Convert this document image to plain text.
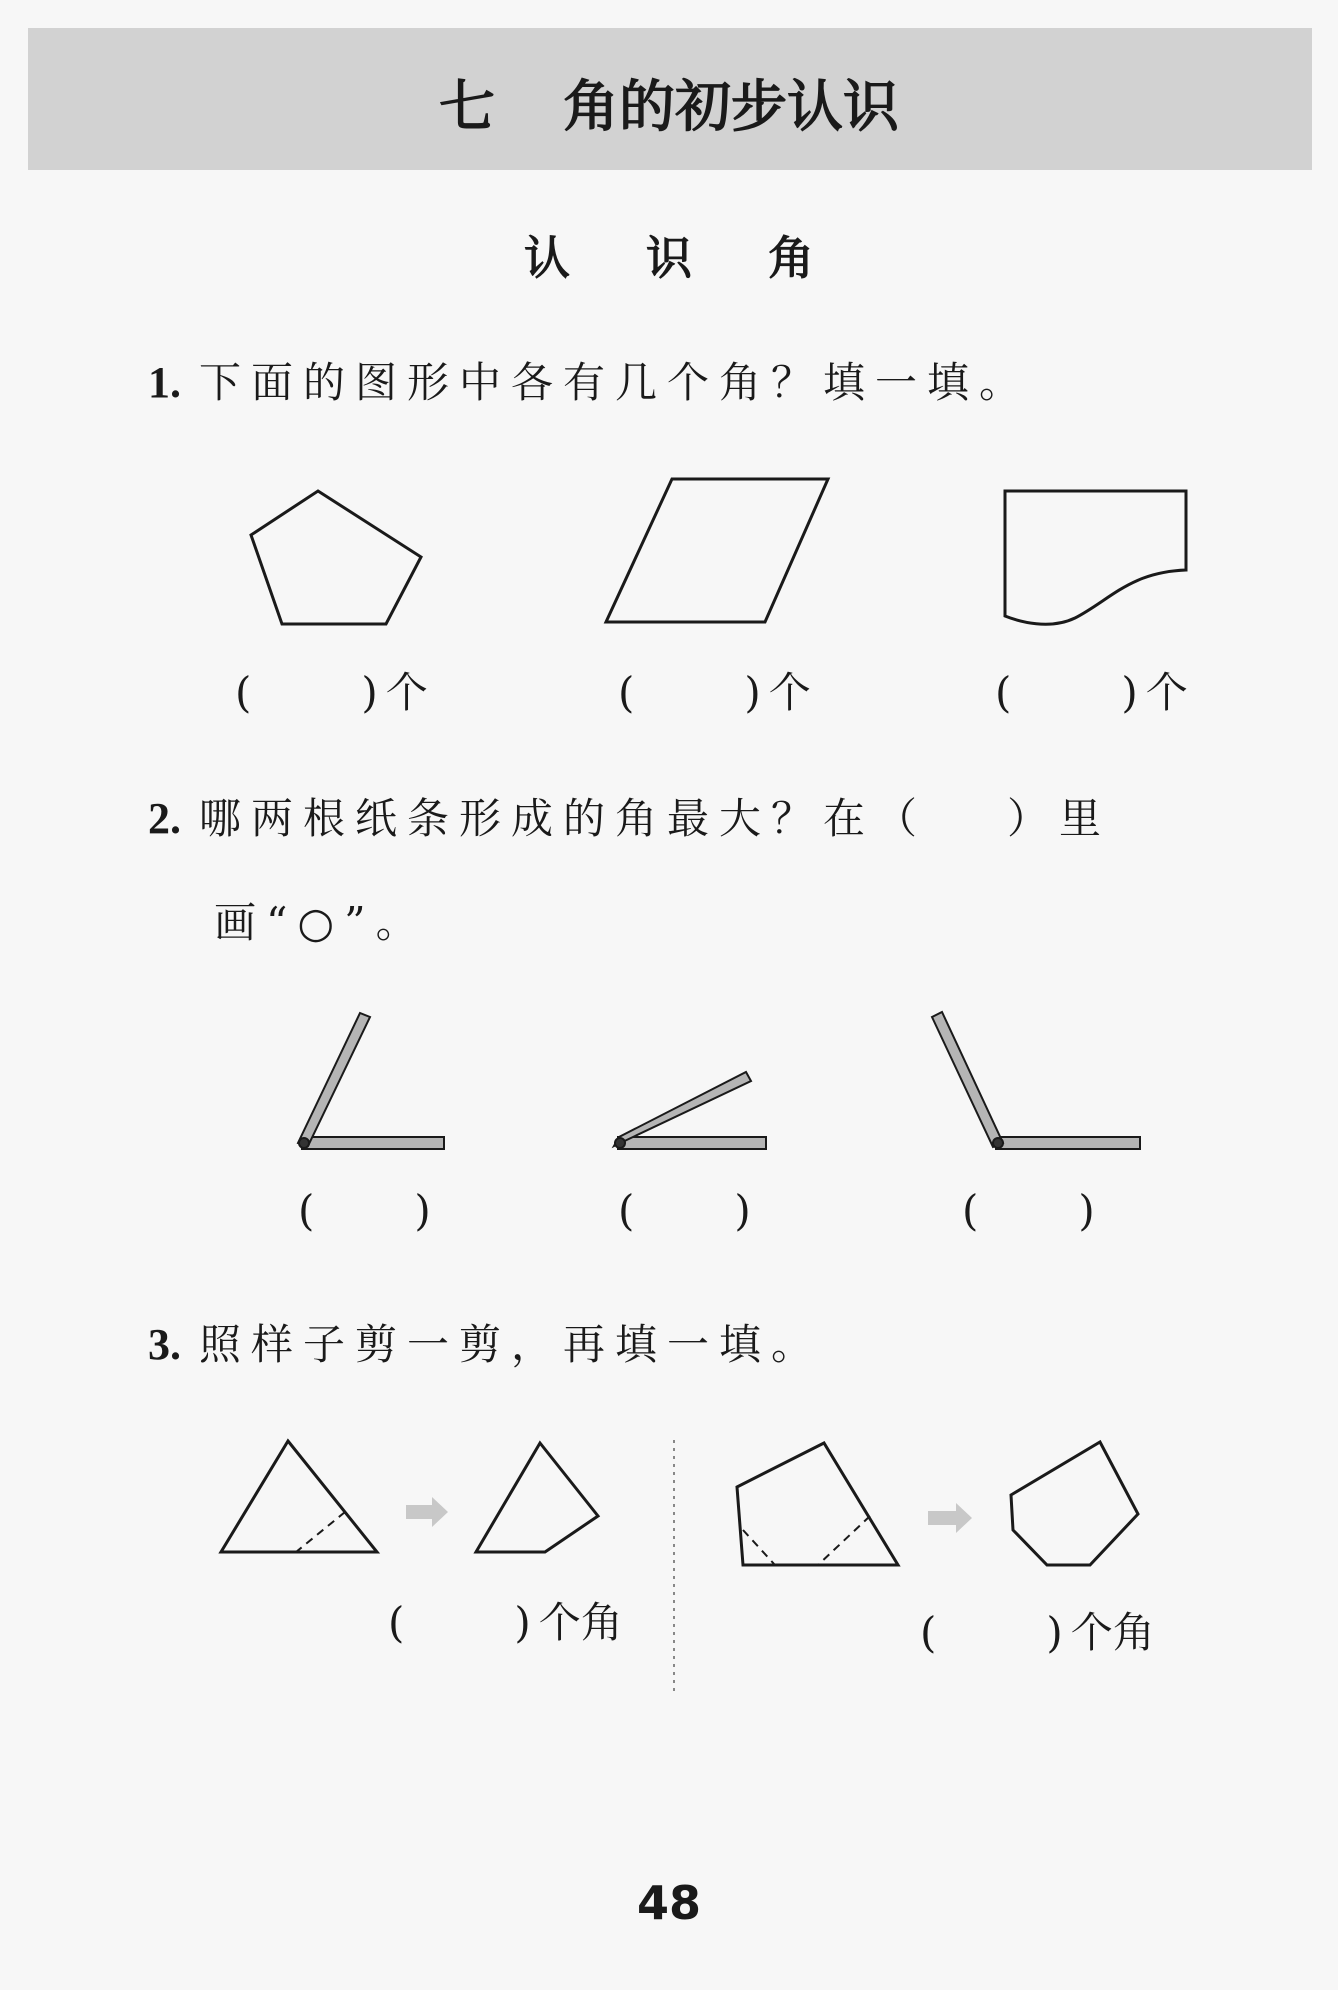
七 角的初步认识
认 识 角
1. 下面的图形中各有几个角？填一填。
(	) 个	(	) 个	(	) 个
2. 哪两根纸条形成的角最大？在（ ）里
画“○”。
( )	( )	( )
3. 照样子剪一剪，再填一填。
(	) 个角	(	) 个角
48
